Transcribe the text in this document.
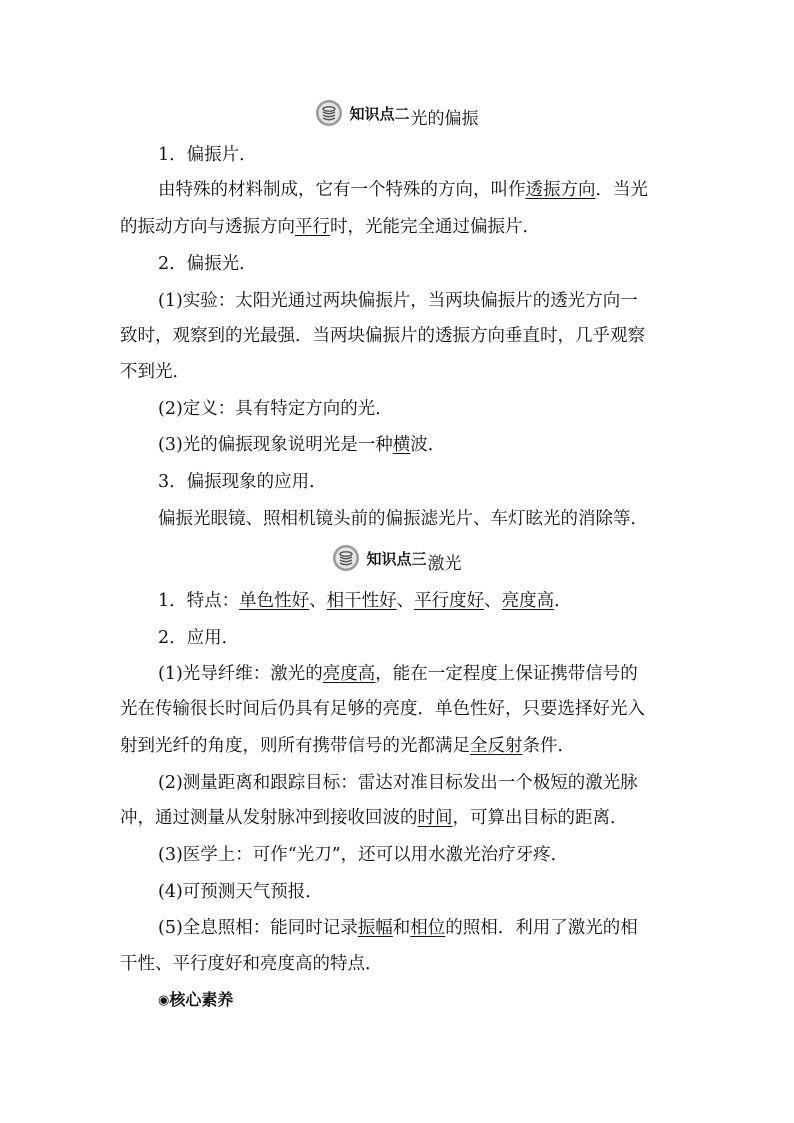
知识点二 光的偏振
1．偏振片．
由特殊的材料制成，它有一个特殊的方向，叫作透振方向．当光
的振动方向与透振方向平行时，光能完全通过偏振片．
2．偏振光．
(1)实验：太阳光通过两块偏振片，当两块偏振片的透光方向一
致时，观察到的光最强．当两块偏振片的透振方向垂直时，几乎观察
不到光．
(2)定义：具有特定方向的光．
(3)光的偏振现象说明光是一种横波．
3．偏振现象的应用．
偏振光眼镜、照相机镜头前的偏振滤光片、车灯眩光的消除等．
知识点三 激光
1．特点：单色性好、相干性好、平行度好、亮度高．
2．应用．
(1)光导纤维：激光的亮度高，能在一定程度上保证携带信号的
光在传输很长时间后仍具有足够的亮度．单色性好，只要选择好光入
射到光纤的角度，则所有携带信号的光都满足全反射条件．
(2)测量距离和跟踪目标：雷达对准目标发出一个极短的激光脉
冲，通过测量从发射脉冲到接收回波的时间，可算出目标的距离．
(3)医学上：可作“光刀”，还可以用水激光治疗牙疼．
(4)可预测天气预报．
(5)全息照相：能同时记录振幅和相位的照相．利用了激光的相
干性、平行度好和亮度高的特点．
◉核心素养
